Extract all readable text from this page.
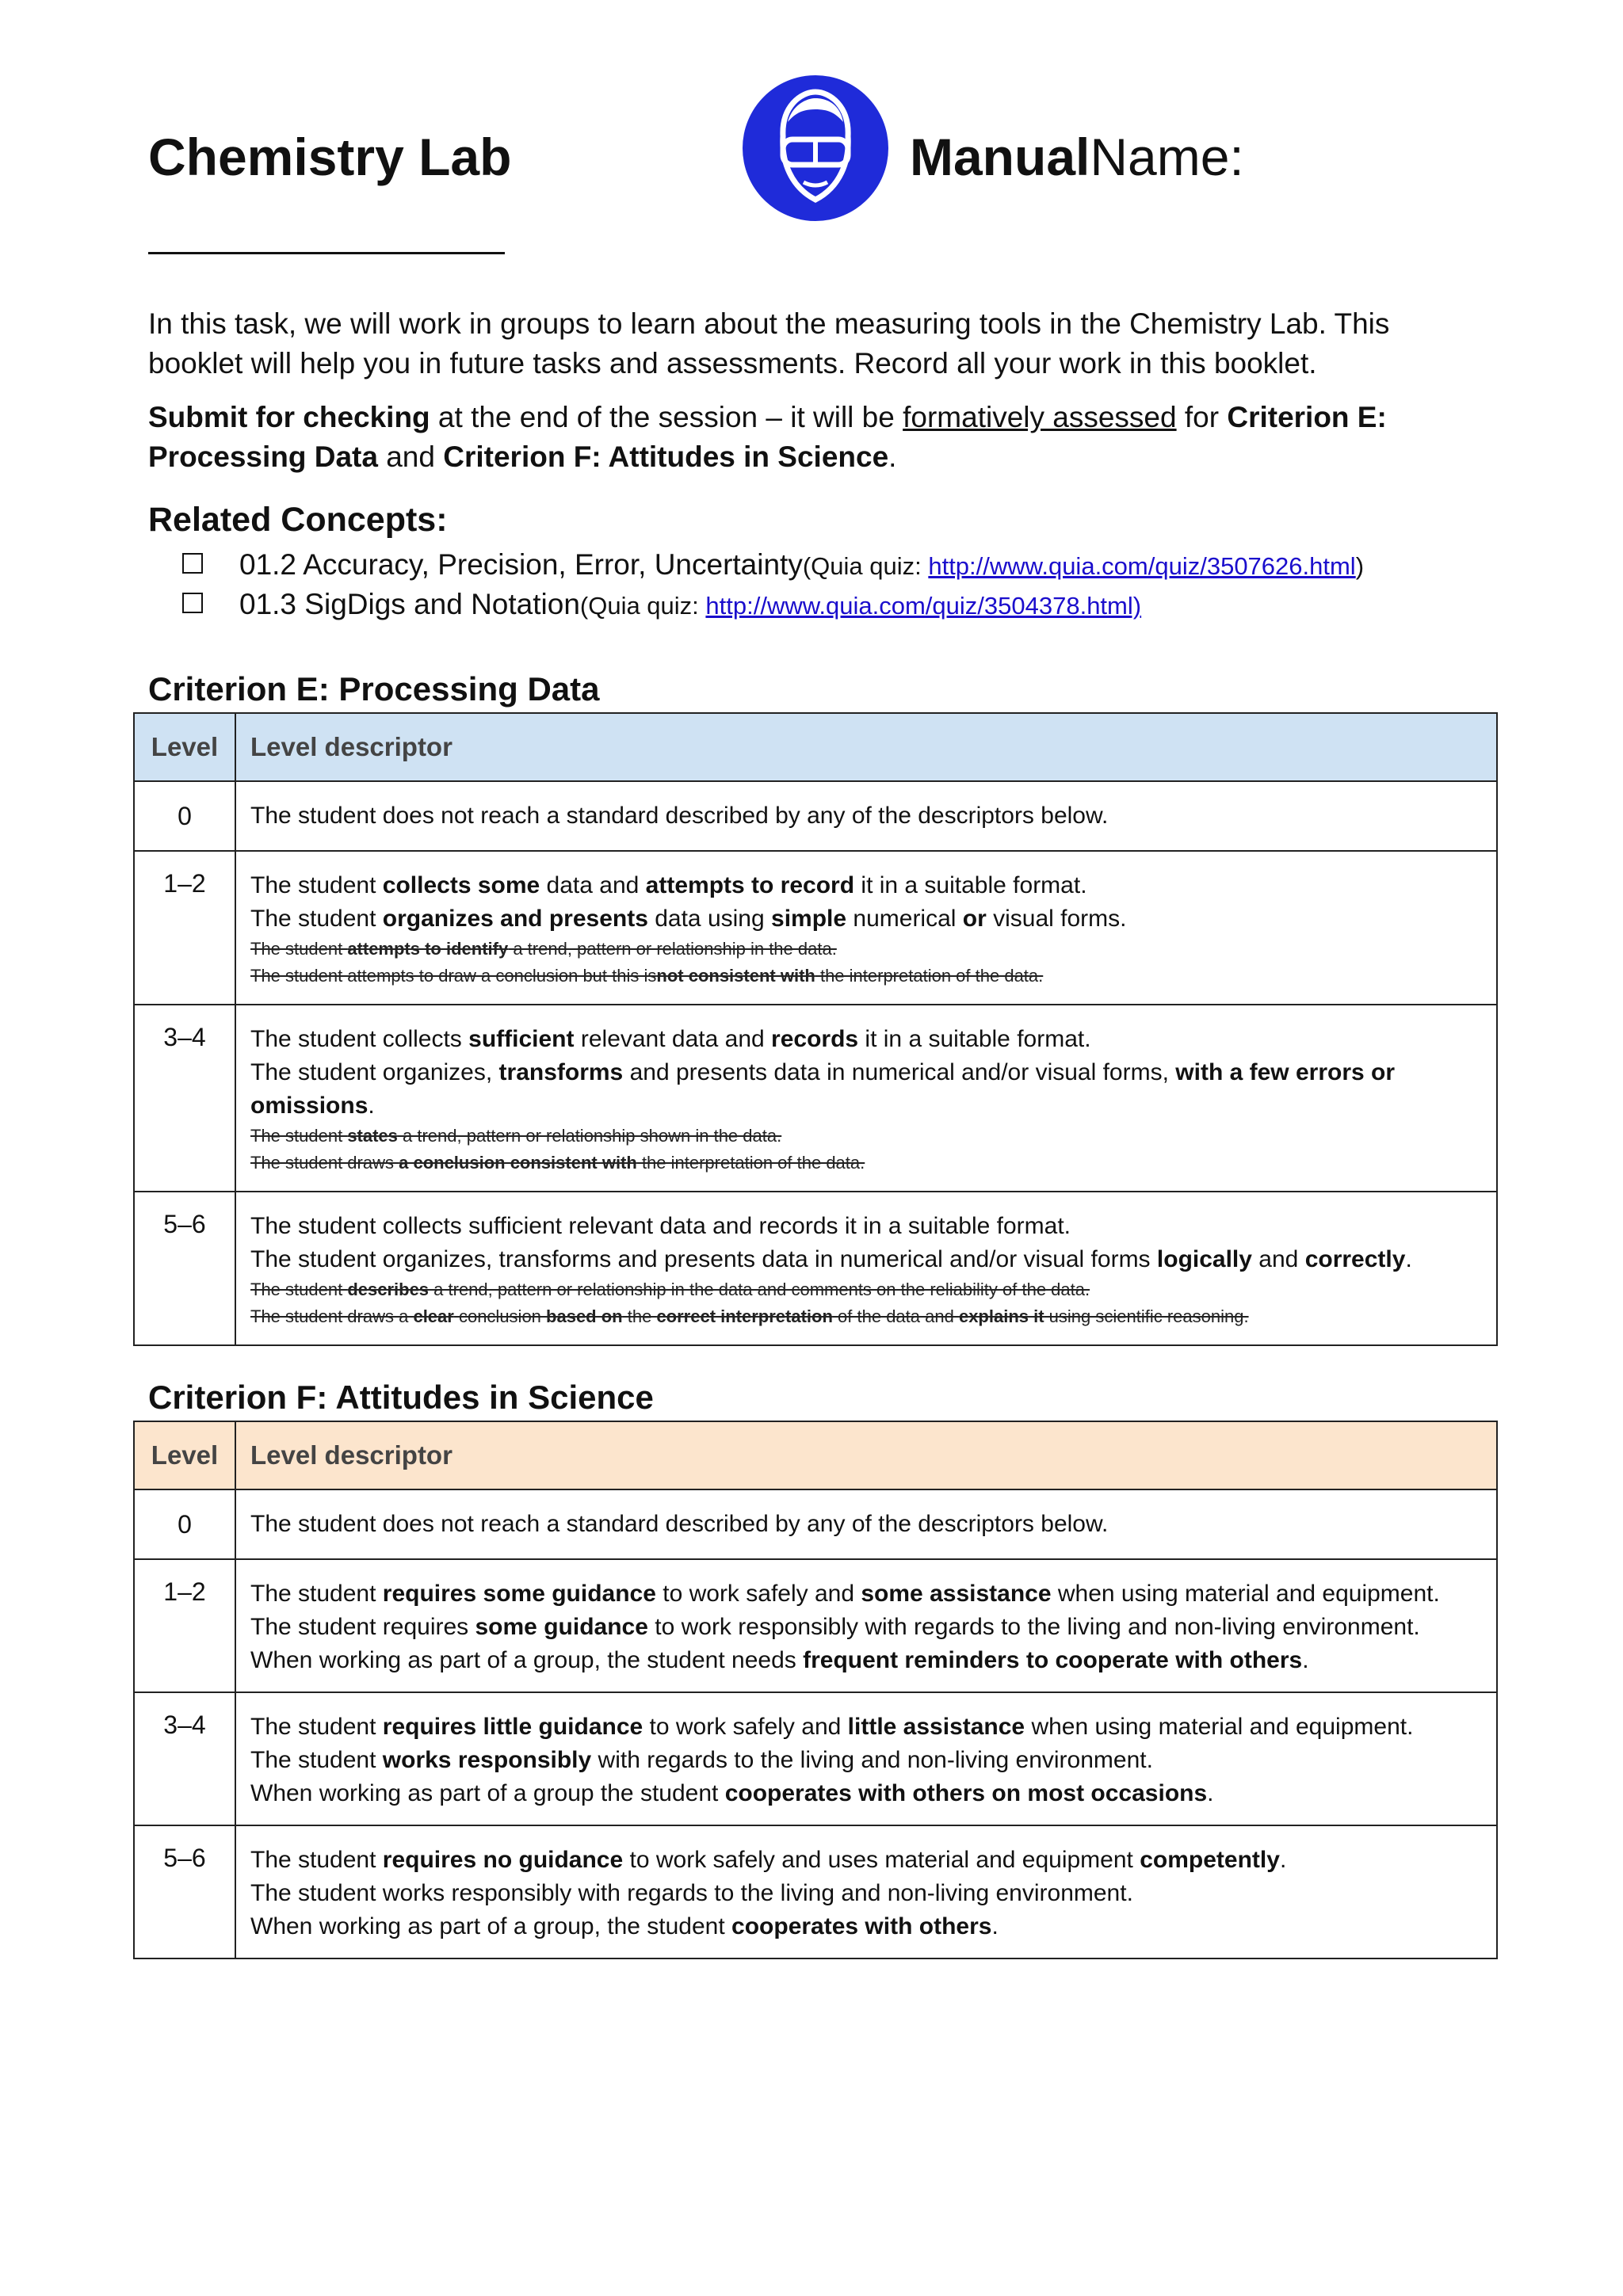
Chemistry Lab	ManualName:
In this task, we will work in groups to learn about the measuring tools in the Chemistry Lab. This booklet will help you in future tasks and assessments. Record all your work in this booklet.
Submit for checking at the end of the session – it will be formatively assessed for Criterion E: Processing Data and Criterion F: Attitudes in Science.
Related Concepts:
01.2 Accuracy, Precision, Error, Uncertainty(Quia quiz: http://www.quia.com/quiz/3507626.html)
01.3 SigDigs and Notation(Quia quiz: http://www.quia.com/quiz/3504378.html)
Criterion E: Processing Data
Level	Level descriptor
0	The student does not reach a standard described by any of the descriptors below.
1–2	The student collects some data and attempts to record it in a suitable format.
The student organizes and presents data using simple numerical or visual forms.
The student attempts to identify a trend, pattern or relationship in the data.
The student attempts to draw a conclusion but this isnot consistent with the interpretation of the data.

3–4	The student collects sufficient relevant data and records it in a suitable format.
The student organizes, transforms and presents data in numerical and/or visual forms, with a few errors or omissions.
The student states a trend, pattern or relationship shown in the data.
The student draws a conclusion consistent with the interpretation of the data.

5–6	The student collects sufficient relevant data and records it in a suitable format.
The student organizes, transforms and presents data in numerical and/or visual forms logically and correctly.
The student describes a trend, pattern or relationship in the data and comments on the reliability of the data.
The student draws a clear conclusion based on the correct interpretation of the data and explains it using scientific reasoning.
Criterion F: Attitudes in Science
Level	Level descriptor
0	The student does not reach a standard described by any of the descriptors below.
1–2	The student requires some guidance to work safely and some assistance when using material and equipment.
The student requires some guidance to work responsibly with regards to the living and non-living environment.
When working as part of a group, the student needs frequent reminders to cooperate with others.

3–4	The student requires little guidance to work safely and little assistance when using material and equipment.
The student works responsibly with regards to the living and non-living environment.
When working as part of a group the student cooperates with others on most occasions.

5–6	The student requires no guidance to work safely and uses material and equipment competently.
The student works responsibly with regards to the living and non-living environment.
When working as part of a group, the student cooperates with others.
